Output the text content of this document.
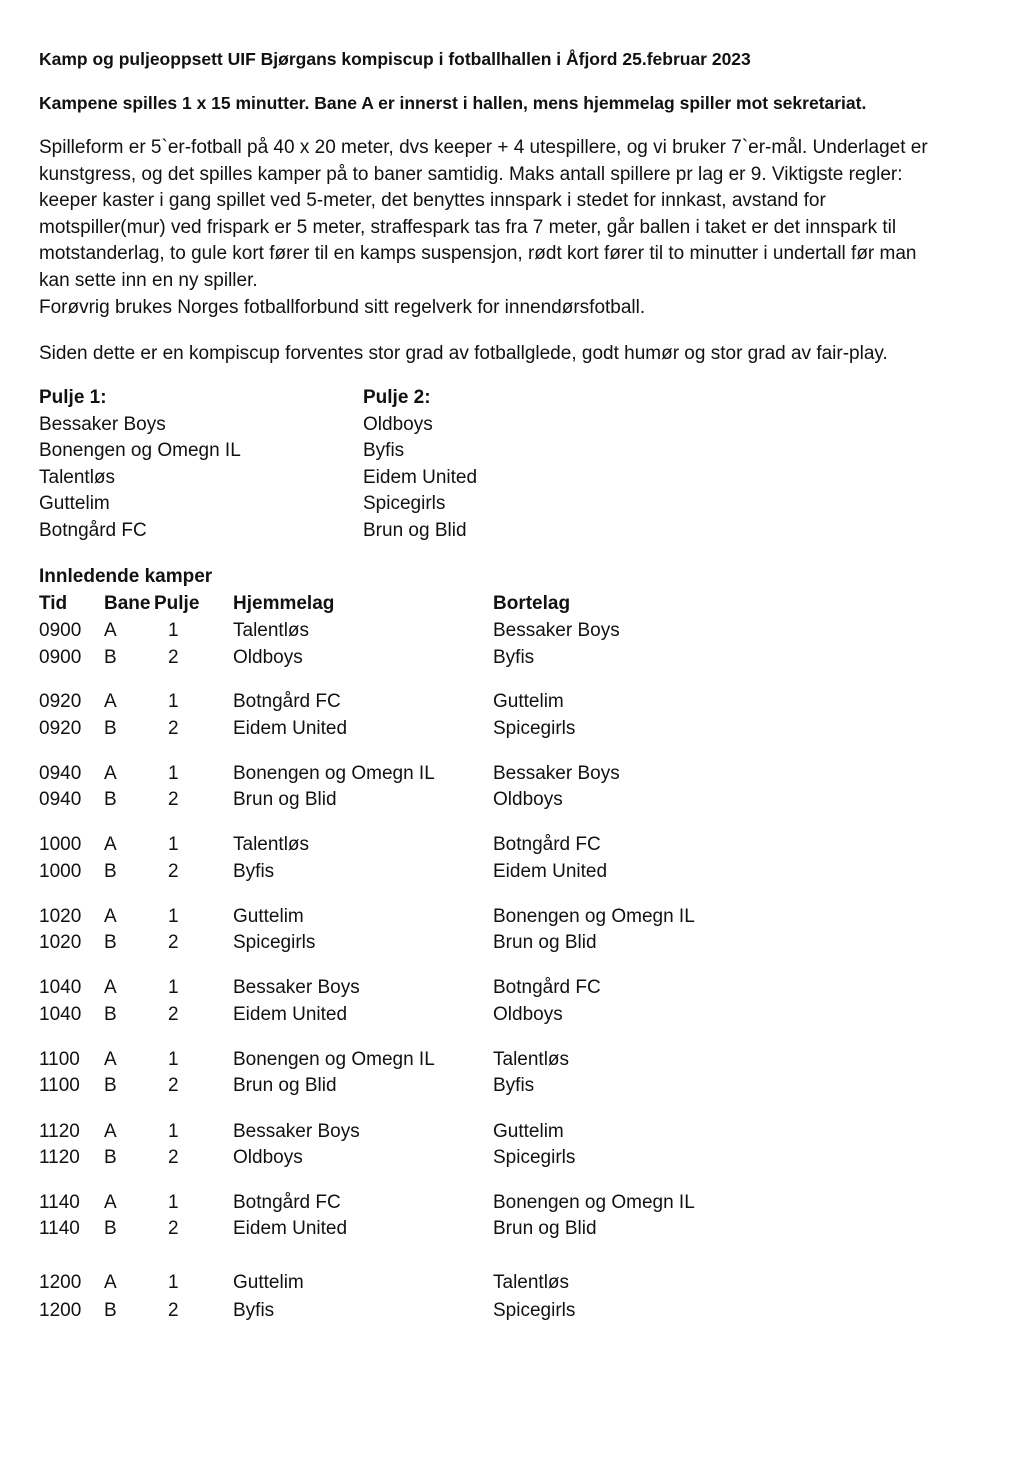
Kamp og puljeoppsett UIF Bjørgans kompiscup i fotballhallen i Åfjord 25.februar 2023

Kampene spilles 1 x 15 minutter. Bane A er innerst i hallen, mens hjemmelag spiller mot sekretariat.

Spilleform er 5`er-fotball på 40 x 20 meter, dvs keeper + 4 utespillere, og vi bruker 7`er-mål. Underlaget er
kunstgress, og det spilles kamper på to baner samtidig. Maks antall spillere pr lag er 9. Viktigste regler:
keeper kaster i gang spillet ved 5-meter, det benyttes innspark i stedet for innkast, avstand for
motspiller(mur) ved frispark er 5 meter, straffespark tas fra 7 meter, går ballen i taket er det innspark til
motstanderlag, to gule kort fører til en kamps suspensjon, rødt kort fører til to minutter i undertall før man
kan sette inn en ny spiller.
Forøvrig brukes Norges fotballforbund sitt regelverk for innendørsfotball.
Siden dette er en kompiscup forventes stor grad av fotballglede, godt humør og stor grad av fair-play.
Pulje 1:
Bessaker Boys
Bonengen og Omegn IL
Talentløs
Guttelim
Botngård FC
Pulje 2:
Oldboys
Byfis
Eidem United
Spicegirls
Brun og Blid
Innledende kamper
Tid Bane Pulje Hjemmelag	Bortelag
0900 A	1	Talentløs	Bessaker Boys
0900 B	2	Oldboys	Byfis
0920 A	1	Botngård FC	Guttelim
0920 B	2	Eidem United	Spicegirls
0940 A	1	Bonengen og Omegn IL	Bessaker Boys
0940 B	2	Brun og Blid	Oldboys
1000 A	1	Talentløs	Botngård FC
1000 B	2	Byfis	Eidem United
1020 A	1	Guttelim	Bonengen og Omegn IL
1020 B	2	Spicegirls	Brun og Blid
1040 A	1	Bessaker Boys	Botngård FC
1040 B	2	Eidem United	Oldboys
1100 A	1	Bonengen og Omegn IL	Talentløs
1100 B	2	Brun og Blid	Byfis
1120 A	1	Bessaker Boys	Guttelim
1120 B	2	Oldboys	Spicegirls
1140 A	1	Botngård FC	Bonengen og Omegn IL
1140 B	2	Eidem United	Brun og Blid
1200 A	1	Guttelim	Talentløs
1200 B	2	Byfis	Spicegirls
